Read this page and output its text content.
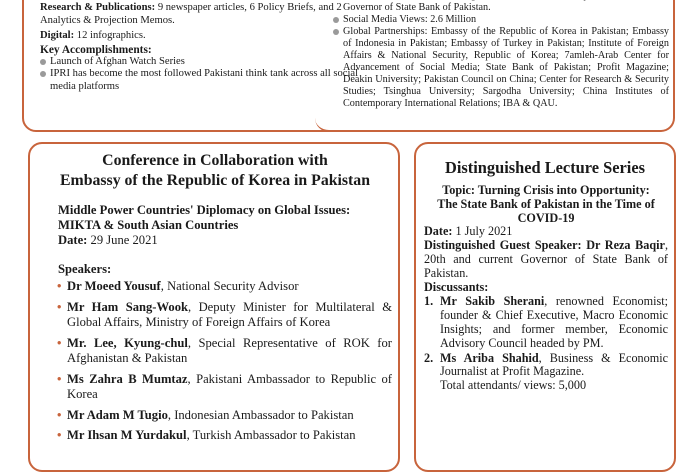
Research & Publications: 9 newspaper articles, 6 Policy Briefs, and 2 Analytics & Projection Memos.
Digital: 12 infographics.
Key Accomplishments:
Launch of Afghan Watch Series
IPRI has become the most followed Pakistani think tank across all social media platforms
Governor of State Bank of Pakistan.
Social Media Views: 2.6 Million
Global Partnerships: Embassy of the Republic of Korea in Pakistan; Embassy of Indonesia in Pakistan; Embassy of Turkey in Pakistan; Institute of Foreign Affairs & National Security, Republic of Korea; 7amleh-Arab Center for Advancement of Social Media; State Bank of Pakistan; Profit Magazine; Deakin University; Pakistan Council on China; Center for Research & Security Studies; Tsinghua University; Sargodha University; China Institutes of Contemporary International Relations; IBA & QAU.
Conference in Collaboration with
Embassy of the Republic of Korea in Pakistan
Middle Power Countries' Diplomacy on Global Issues: MIKTA & South Asian Countries
Date: 29 June 2021
Speakers:
• Dr Moeed Yousuf, National Security Advisor
• Mr Ham Sang-Wook, Deputy Minister for Multilateral & Global Affairs, Ministry of Foreign Affairs of Korea
• Mr. Lee, Kyung-chul, Special Representative of ROK for Afghanistan & Pakistan
• Ms Zahra B Mumtaz, Pakistani Ambassador to Republic of Korea
• Mr Adam M Tugio, Indonesian Ambassador to Pakistan
• Mr Ihsan M Yurdakul, Turkish Ambassador to Pakistan
Distinguished Lecture Series
Topic: Turning Crisis into Opportunity:
The State Bank of Pakistan in the Time of COVID-19
Date: 1 July 2021
Distinguished Guest Speaker: Dr Reza Baqir, 20th and current Governor of State Bank of Pakistan.
Discussants:
1. Mr Sakib Sherani, renowned Economist; founder & Chief Executive, Macro Economic Insights; and former member, Economic Advisory Council headed by PM.
2. Ms Ariba Shahid, Business & Economic Journalist at Profit Magazine.
Total attendants/ views: 5,000
